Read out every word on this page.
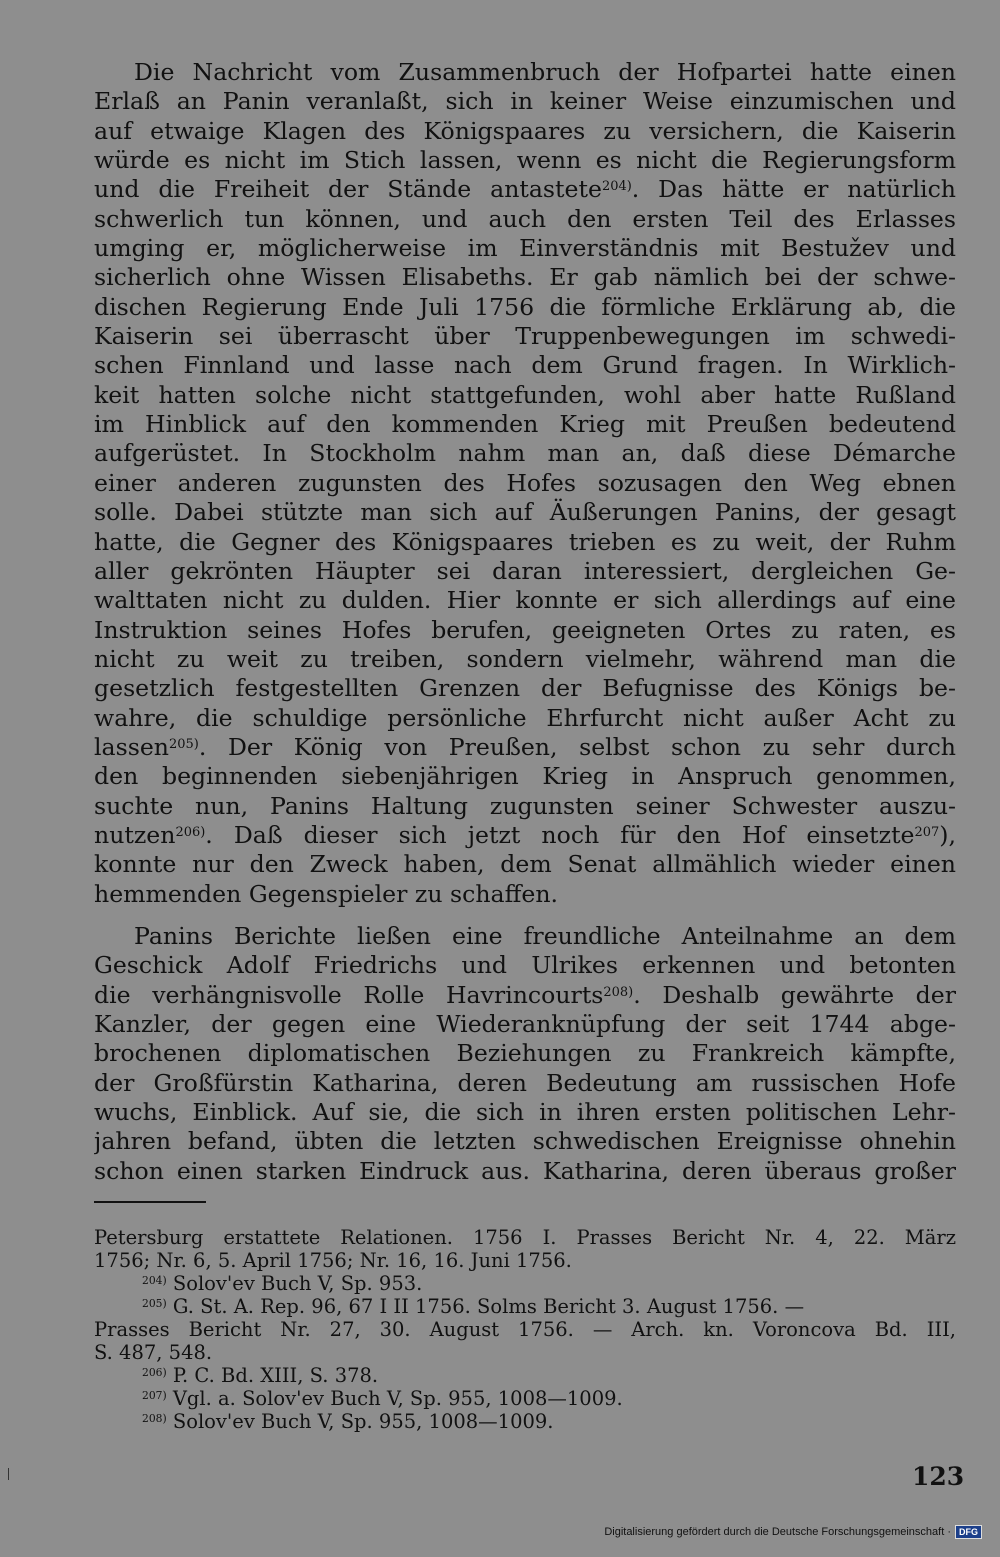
Die Nachricht vom Zusammenbruch der Hofpartei hatte einen
Erlaß an Panin veranlaßt, sich in keiner Weise einzumischen und
auf etwaige Klagen des Königspaares zu versichern, die Kaiserin
würde es nicht im Stich lassen, wenn es nicht die Regierungsform
und die Freiheit der Stände antastete$^{204)}$. Das hätte er natürlich
schwerlich tun können, und auch den ersten Teil des Erlasses
umging er, möglicherweise im Einverständnis mit Bestužev und
sicherlich ohne Wissen Elisabeths. Er gab nämlich bei der schwe-
dischen Regierung Ende Juli 1756 die förmliche Erklärung ab, die
Kaiserin sei überrascht über Truppenbewegungen im schwedi-
schen Finnland und lasse nach dem Grund fragen. In Wirklich-
keit hatten solche nicht stattgefunden, wohl aber hatte Rußland
im Hinblick auf den kommenden Krieg mit Preußen bedeutend
aufgerüstet. In Stockholm nahm man an, daß diese Démarche
einer anderen zugunsten des Hofes sozusagen den Weg ebnen
solle. Dabei stützte man sich auf Äußerungen Panins, der gesagt
hatte, die Gegner des Königspaares trieben es zu weit, der Ruhm
aller gekrönten Häupter sei daran interessiert, dergleichen Ge-
walttaten nicht zu dulden. Hier konnte er sich allerdings auf eine
Instruktion seines Hofes berufen, geeigneten Ortes zu raten, es
nicht zu weit zu treiben, sondern vielmehr, während man die
gesetzlich festgestellten Grenzen der Befugnisse des Königs be-
wahre, die schuldige persönliche Ehrfurcht nicht außer Acht zu
lassen$^{205)}$. Der König von Preußen, selbst schon zu sehr durch
den beginnenden siebenjährigen Krieg in Anspruch genommen,
suchte nun, Panins Haltung zugunsten seiner Schwester auszu-
nutzen$^{206)}$. Daß dieser sich jetzt noch für den Hof einsetzte$^{207}$),
konnte nur den Zweck haben, dem Senat allmählich wieder einen
hemmenden Gegenspieler zu schaffen.

Panins Berichte ließen eine freundliche Anteilnahme an dem
Geschick Adolf Friedrichs und Ulrikes erkennen und betonten
die verhängnisvolle Rolle Havrincourts$^{208)}$. Deshalb gewährte der
Kanzler, der gegen eine Wiederanknüpfung der seit 1744 abge-
brochenen diplomatischen Beziehungen zu Frankreich kämpfte,
der Großfürstin Katharina, deren Bedeutung am russischen Hofe
wuchs, Einblick. Auf sie, die sich in ihren ersten politischen Lehr-
jahren befand, übten die letzten schwedischen Ereignisse ohnehin
schon einen starken Eindruck aus. Katharina, deren überaus großer

Petersburg erstattete Relationen. 1756 I. Prasses Bericht Nr. 4, 22. März
1756; Nr. 6, 5. April 1756; Nr. 16, 16. Juni 1756.
$^{204)}$ Solov'ev Buch V, Sp. 953.
$^{205)}$ G. St. A. Rep. 96, 67 I II 1756. Solms Bericht 3. August 1756. —
Prasses Bericht Nr. 27, 30. August 1756. — Arch. kn. Voroncova Bd. III,
S. 487, 548.
$^{206)}$ P. C. Bd. XIII, S. 378.
$^{207)}$ Vgl. a. Solov'ev Buch V, Sp. 955, 1008—1009.
$^{208)}$ Solov'ev Buch V, Sp. 955, 1008—1009.
123
Digitalisierung gefördert durch die Deutsche Forschungsgemeinschaft · DFG
